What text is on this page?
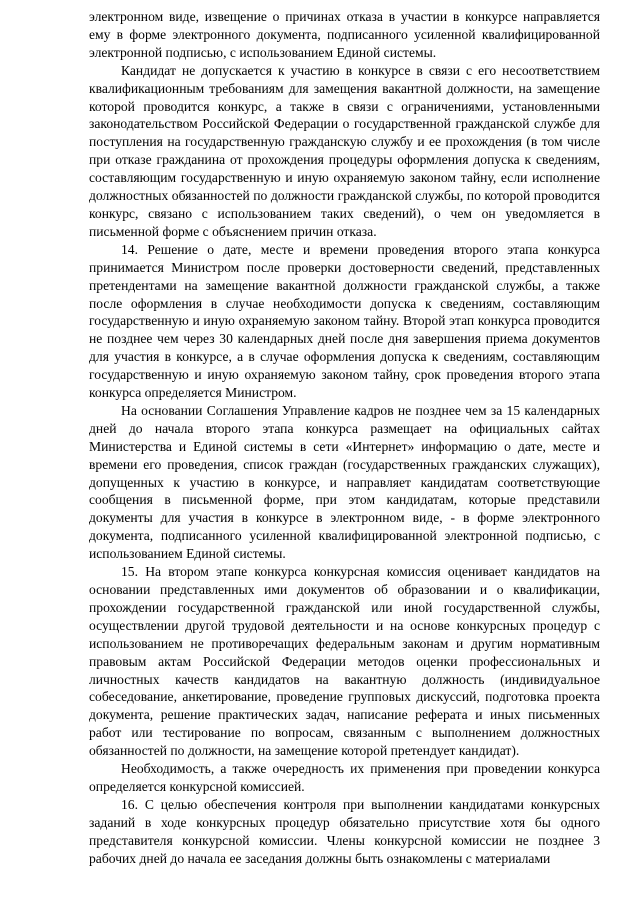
электронном виде, извещение о причинах отказа в участии в конкурсе направляется ему в форме электронного документа, подписанного усиленной квалифицированной электронной подписью, с использованием Единой системы.

Кандидат не допускается к участию в конкурсе в связи с его несоответствием квалификационным требованиям для замещения вакантной должности, на замещение которой проводится конкурс, а также в связи с ограничениями, установленными законодательством Российской Федерации о государственной гражданской службе для поступления на государственную гражданскую службу и ее прохождения (в том числе при отказе гражданина от прохождения процедуры оформления допуска к сведениям, составляющим государственную и иную охраняемую законом тайну, если исполнение должностных обязанностей по должности гражданской службы, по которой проводится конкурс, связано с использованием таких сведений), о чем он уведомляется в письменной форме с объяснением причин отказа.

14. Решение о дате, месте и времени проведения второго этапа конкурса принимается Министром после проверки достоверности сведений, представленных претендентами на замещение вакантной должности гражданской службы, а также после оформления в случае необходимости допуска к сведениям, составляющим государственную и иную охраняемую законом тайну. Второй этап конкурса проводится не позднее чем через 30 календарных дней после дня завершения приема документов для участия в конкурсе, а в случае оформления допуска к сведениям, составляющим государственную и иную охраняемую законом тайну, срок проведения второго этапа конкурса определяется Министром.

На основании Соглашения Управление кадров не позднее чем за 15 календарных дней до начала второго этапа конкурса размещает на официальных сайтах Министерства и Единой системы в сети «Интернет» информацию о дате, месте и времени его проведения, список граждан (государственных гражданских служащих), допущенных к участию в конкурсе, и направляет кандидатам соответствующие сообщения в письменной форме, при этом кандидатам, которые представили документы для участия в конкурсе в электронном виде, - в форме электронного документа, подписанного усиленной квалифицированной электронной подписью, с использованием Единой системы.

15. На втором этапе конкурса конкурсная комиссия оценивает кандидатов на основании представленных ими документов об образовании и о квалификации, прохождении государственной гражданской или иной государственной службы, осуществлении другой трудовой деятельности и на основе конкурсных процедур с использованием не противоречащих федеральным законам и другим нормативным правовым актам Российской Федерации методов оценки профессиональных и личностных качеств кандидатов на вакантную должность (индивидуальное собеседование, анкетирование, проведение групповых дискуссий, подготовка проекта документа, решение практических задач, написание реферата и иных письменных работ или тестирование по вопросам, связанным с выполнением должностных обязанностей по должности, на замещение которой претендует кандидат).

Необходимость, а также очередность их применения при проведении конкурса определяется конкурсной комиссией.

16. С целью обеспечения контроля при выполнении кандидатами конкурсных заданий в ходе конкурсных процедур обязательно присутствие хотя бы одного представителя конкурсной комиссии. Члены конкурсной комиссии не позднее 3 рабочих дней до начала ее заседания должны быть ознакомлены с материалами
